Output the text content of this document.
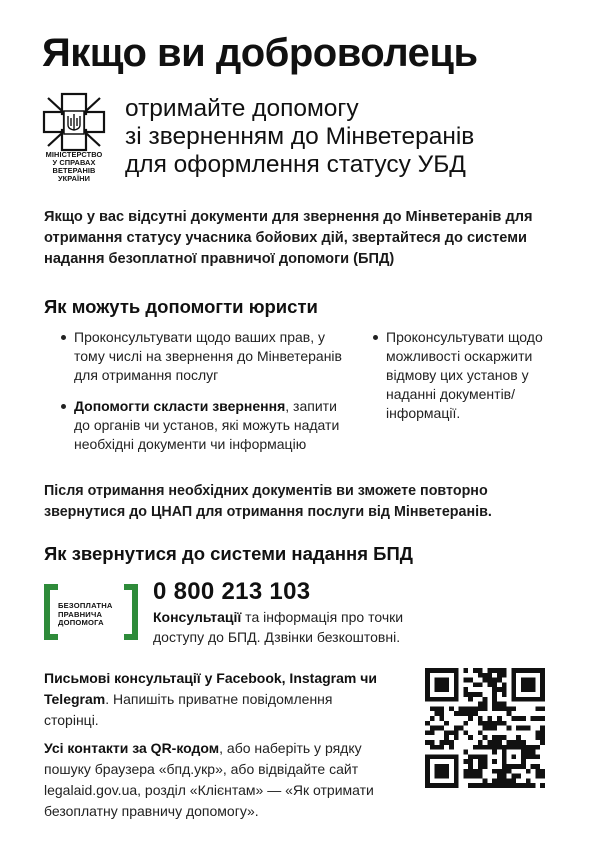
Якщо ви доброволець
МІНІСТЕРСТВО
У СПРАВАХ
ВЕТЕРАНІВ
УКРАЇНИ
отримайте допомогу
зі зверненням до Мінветеранів
для оформлення статусу УБД
Якщо у вас відсутні документи для звернення до Мінветеранів для отримання статусу учасника бойових дій, звертайтеся до системи надання безоплатної правничої допомоги (БПД)
Як можуть допомогти юристи
Проконсультувати щодо ваших прав, у тому числі на звернення до Мінветеранів для отримання послуг
Допомогти скласти звернення, запити до органів чи установ, які можуть надати необхідні документи чи інформацію
Проконсультувати щодо можливості оскаржити відмову цих установ у наданні документів/інформації.
Після отримання необхідних документів ви зможете повторно звернутися до ЦНАП для отримання послуги від Мінветеранів.
Як звернутися до системи надання БПД
БЕЗОПЛАТНА
ПРАВНИЧА
ДОПОМОГА
0 800 213 103
Консультації та інформація про точки доступу до БПД. Дзвінки безкоштовні.
Письмові консультації у Facebook, Instagram чи Telegram. Напишіть приватне повідомлення сторінці.
Усі контакти за QR-кодом, або наберіть у рядку пошуку браузера «бпд.укр», або відвідайте сайт legalaid.gov.ua, розділ «Клієнтам» — «Як отримати безоплатну правничу допомогу».
